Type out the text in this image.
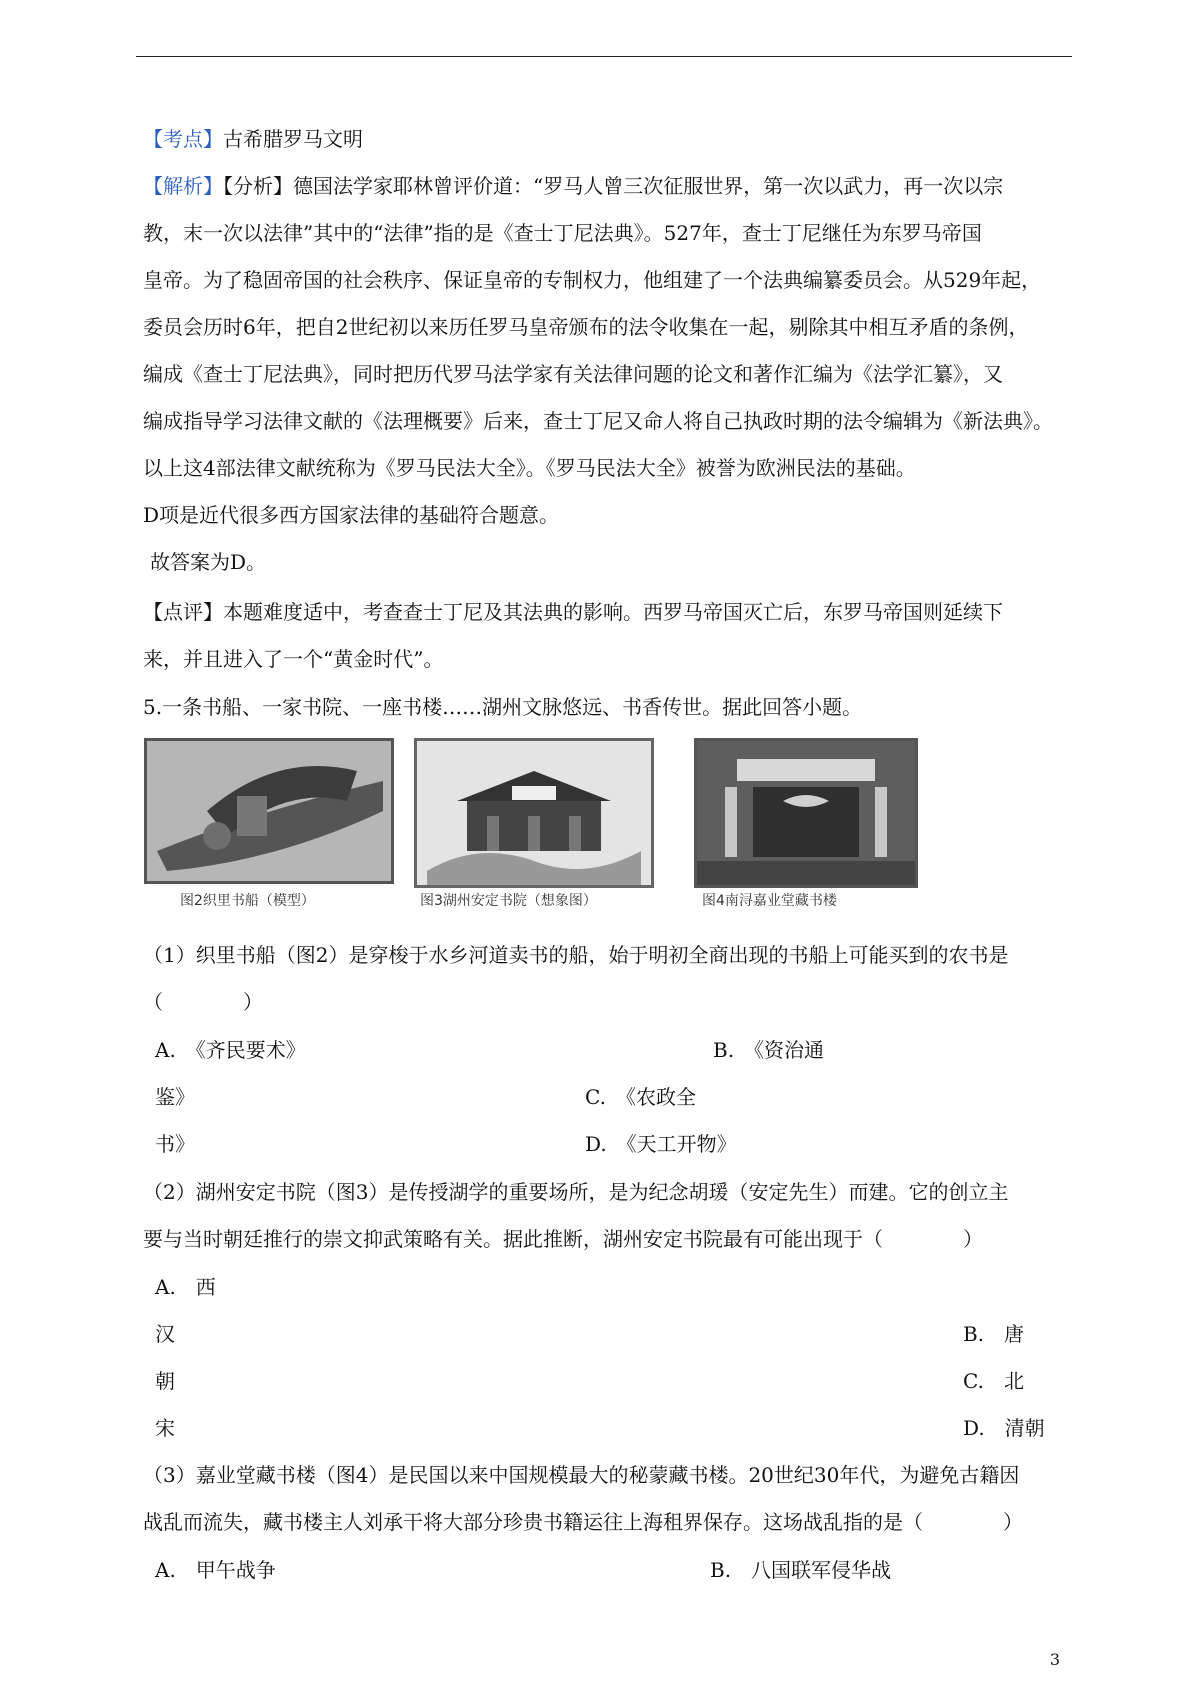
【考点】古希腊罗马文明
【解析】【分析】德国法学家耶林曾评价道：“罗马人曾三次征服世界，第一次以武力，再一次以宗
教，末一次以法律”其中的“法律”指的是《查士丁尼法典》。527年，查士丁尼继任为东罗马帝国
皇帝。为了稳固帝国的社会秩序、保证皇帝的专制权力，他组建了一个法典编纂委员会。从529年起，
委员会历时6年，把自2世纪初以来历任罗马皇帝颁布的法令收集在一起，剔除其中相互矛盾的条例，
编成《查士丁尼法典》，同时把历代罗马法学家有关法律问题的论文和著作汇编为《法学汇纂》，又
编成指导学习法律文献的《法理概要》后来，查士丁尼又命人将自己执政时期的法令编辑为《新法典》。
以上这4部法律文献统称为《罗马民法大全》。《罗马民法大全》被誉为欧洲民法的基础。
D项是近代很多西方国家法律的基础符合题意。
故答案为D。
【点评】本题难度适中，考查查士丁尼及其法典的影响。西罗马帝国灭亡后，东罗马帝国则延续下
来，并且进入了一个“黄金时代”。
5.一条书船、一家书院、一座书楼……湖州文脉悠远、书香传世。据此回答小题。
图2织里书船（模型）	图3湖州安定书院（想象图）	图4南浔嘉业堂藏书楼
（1）织里书船（图2）是穿梭于水乡河道卖书的船，始于明初全商出现的书船上可能买到的农书是
（　　　　）
A.　《齐民要术》	B.　《资治通
鉴》	C.　《农政全
书》	D.　《天工开物》
（2）湖州安定书院（图3）是传授湖学的重要场所，是为纪念胡瑗（安定先生）而建。它的创立主
要与当时朝廷推行的崇文抑武策略有关。据此推断，湖州安定书院最有可能出现于（　　　　）
A.　西
汉	B.　唐
朝	C.　北
宋	D.　清朝
（3）嘉业堂藏书楼（图4）是民国以来中国规模最大的秘蒙藏书楼。20世纪30年代，为避免古籍因
战乱而流失，藏书楼主人刘承干将大部分珍贵书籍运往上海租界保存。这场战乱指的是（　　　　）
A.　甲午战争	B.　八国联军侵华战
3
